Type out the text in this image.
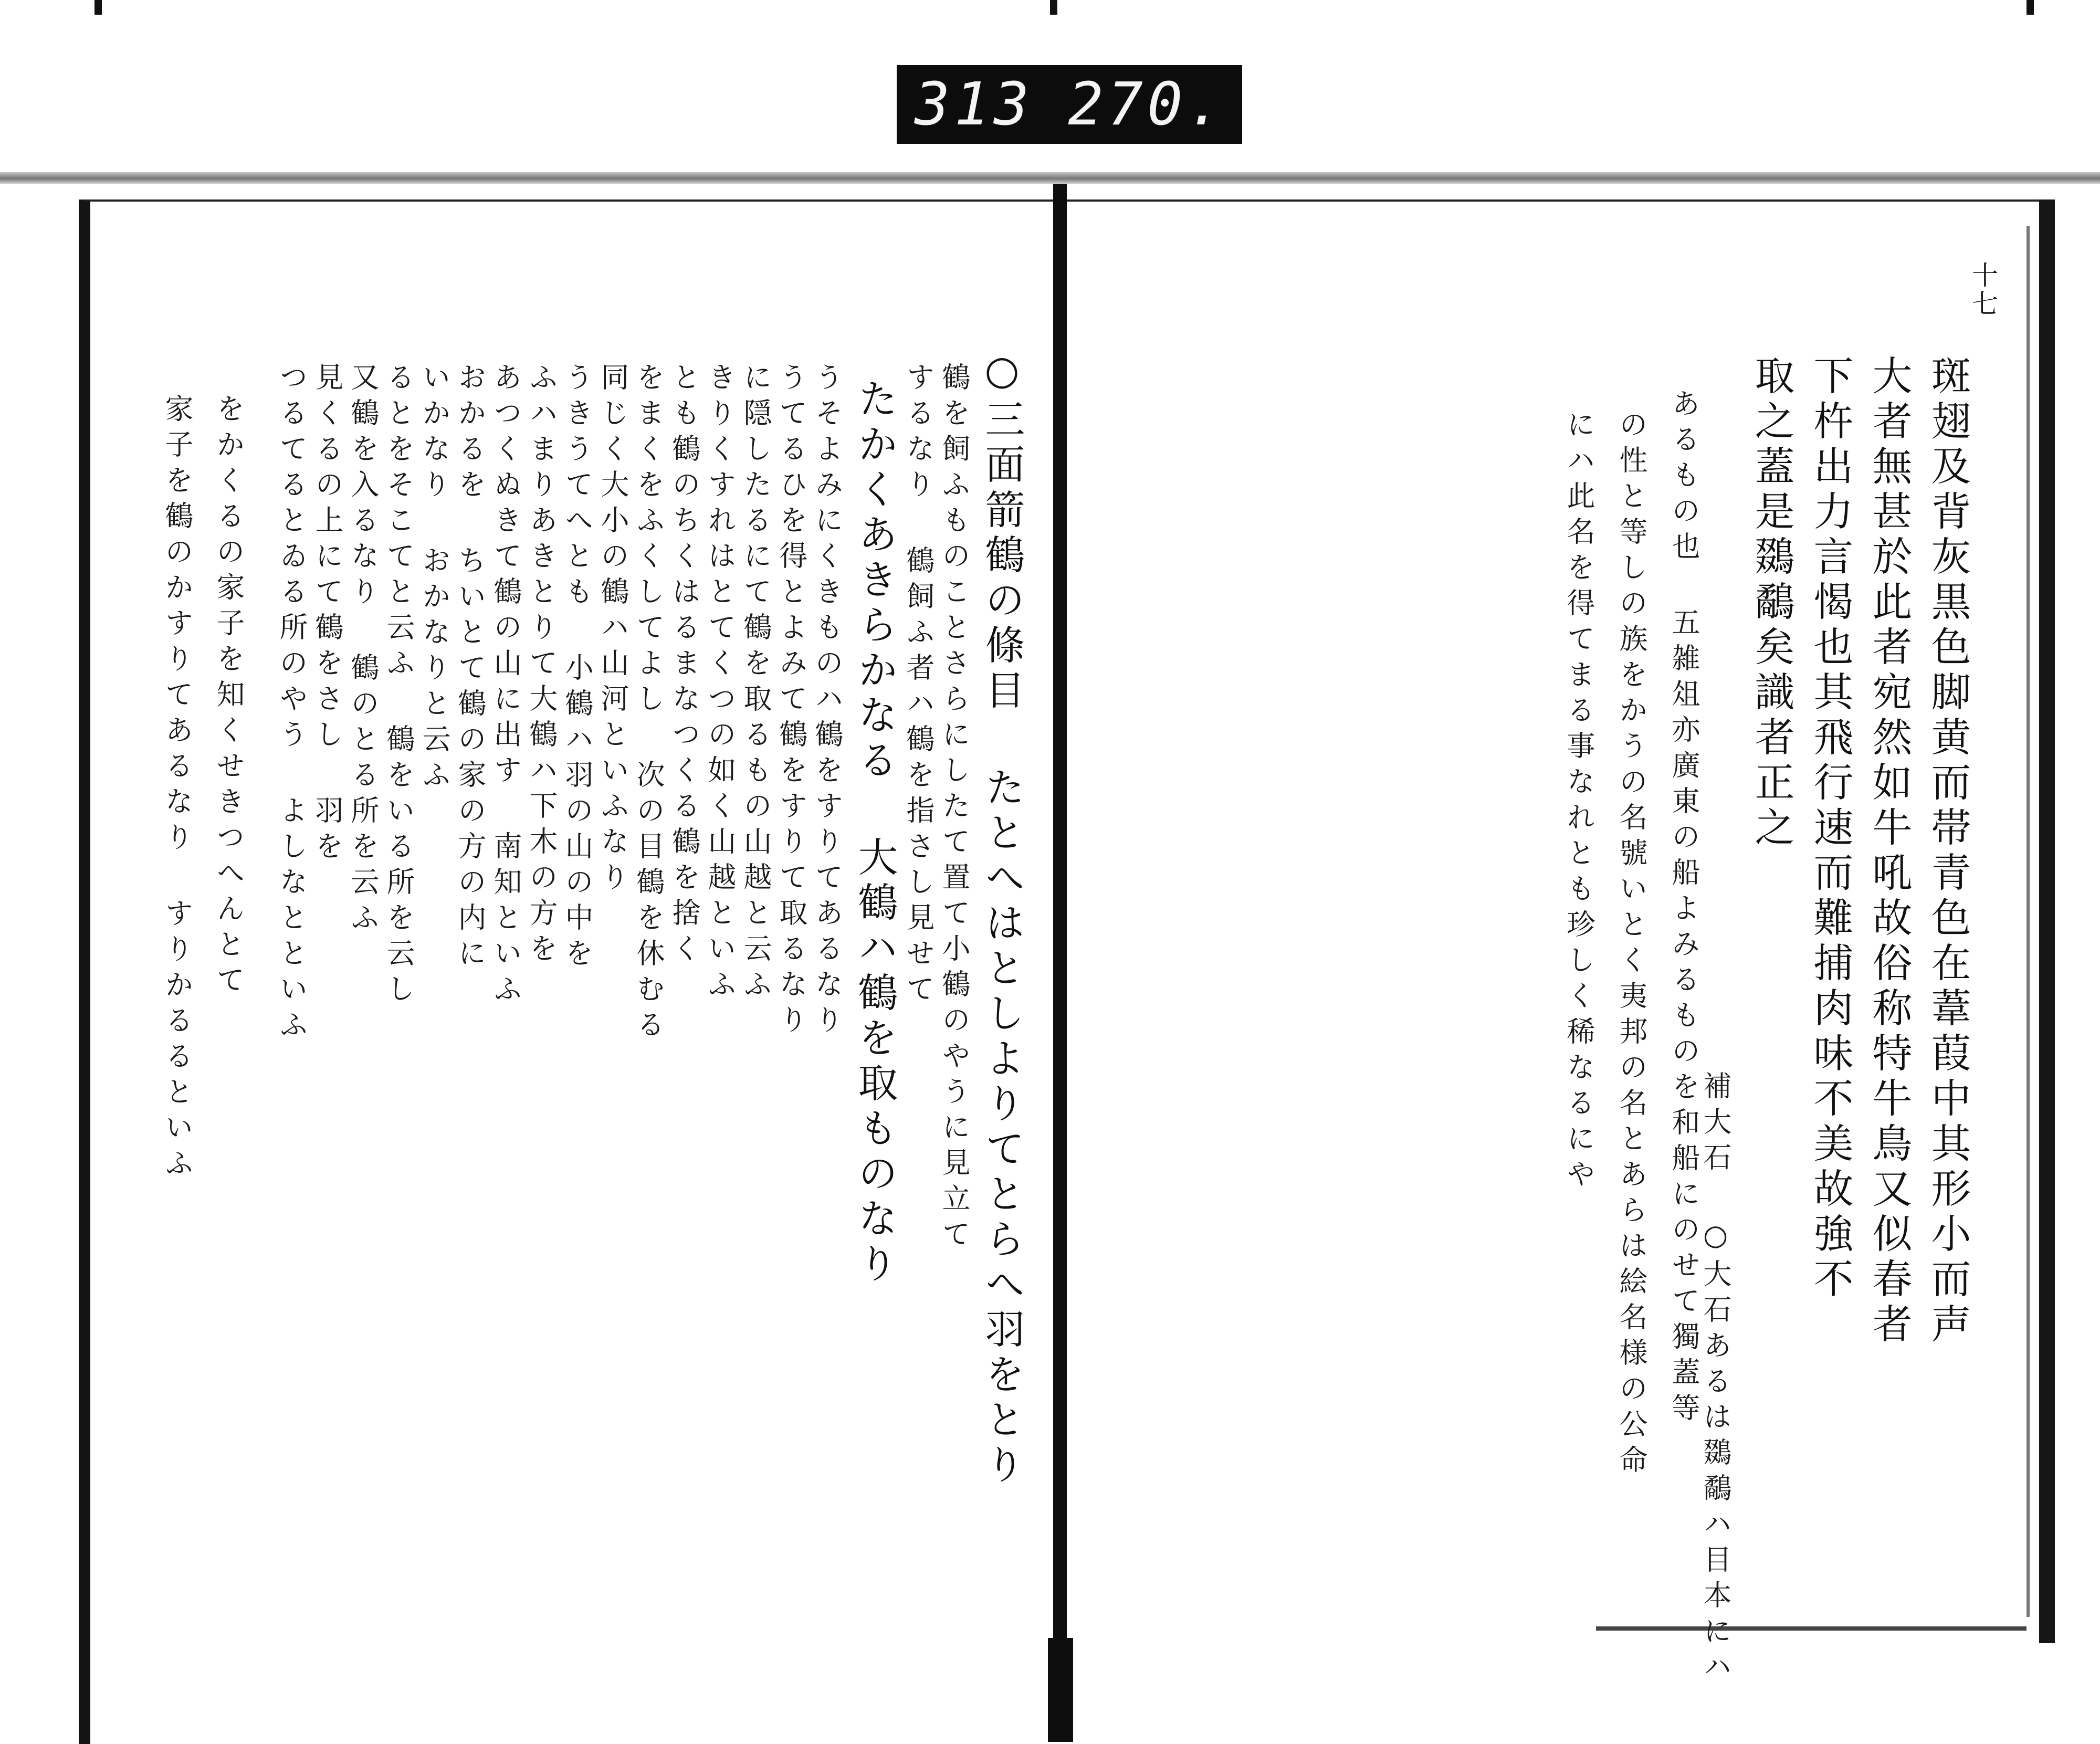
313 270.
十七
斑翅及背灰黒色脚黄而帯青色在葦葭中其形小而声
大者無甚於此者宛然如牛吼故俗称特牛鳥又似春者
下杵出力言愒也其飛行速而難捕肉味不美故強不
取之蓋是鵽鷸矣識者正之
補大石 ○大石あるは鵽鷸ハ目本にハ
あるもの也 五雑俎亦廣東の船よみるものを和船にのせて獨蓋等
の性と等しの族をかうの名號いとく夷邦の名とあらは絵名様の公命
にハ此名を得てまる事なれとも珍しく稀なるにや
○三面箭鶴の條目 たとへはとしよりてとらへ羽をとり
鶴を飼ふものことさらにしたて置て小鶴のやうに見立て
するなり 鶴飼ふ者ハ鶴を指さし見せて
たかくあきらかなる 大鶴ハ鶴を取ものなり
うそよみにくきものハ鶴をすりてあるなり
うてるひを得とよみて鶴をすりて取るなり
に隠したるにて鶴を取るもの山越と云ふ
きりくすれはとてくつの如く山越といふ
とも鶴のちくはるまなつくる鶴を捨く
をまくをふくしてよし 次の目鶴を休むる
同じく大小の鶴ハ山河といふなり
うきうてへとも 小鶴ハ羽の山の中を
ふハまりあきとりて大鶴ハ下木の方を
あつくぬきて鶴の山に出す 南知といふ
おかるを ちいとて鶴の家の方の内に
いかなり おかなりと云ふ
るとをそこてと云ふ 鶴をいる所を云し
又鶴を入るなり 鶴のとる所を云ふ
見くるの上にて鶴をさし 羽を
つるてるとゐる所のやう よしなとといふ
をかくるの家子を知くせきつへんとて
家子を鶴のかすりてあるなり すりかるるといふ
